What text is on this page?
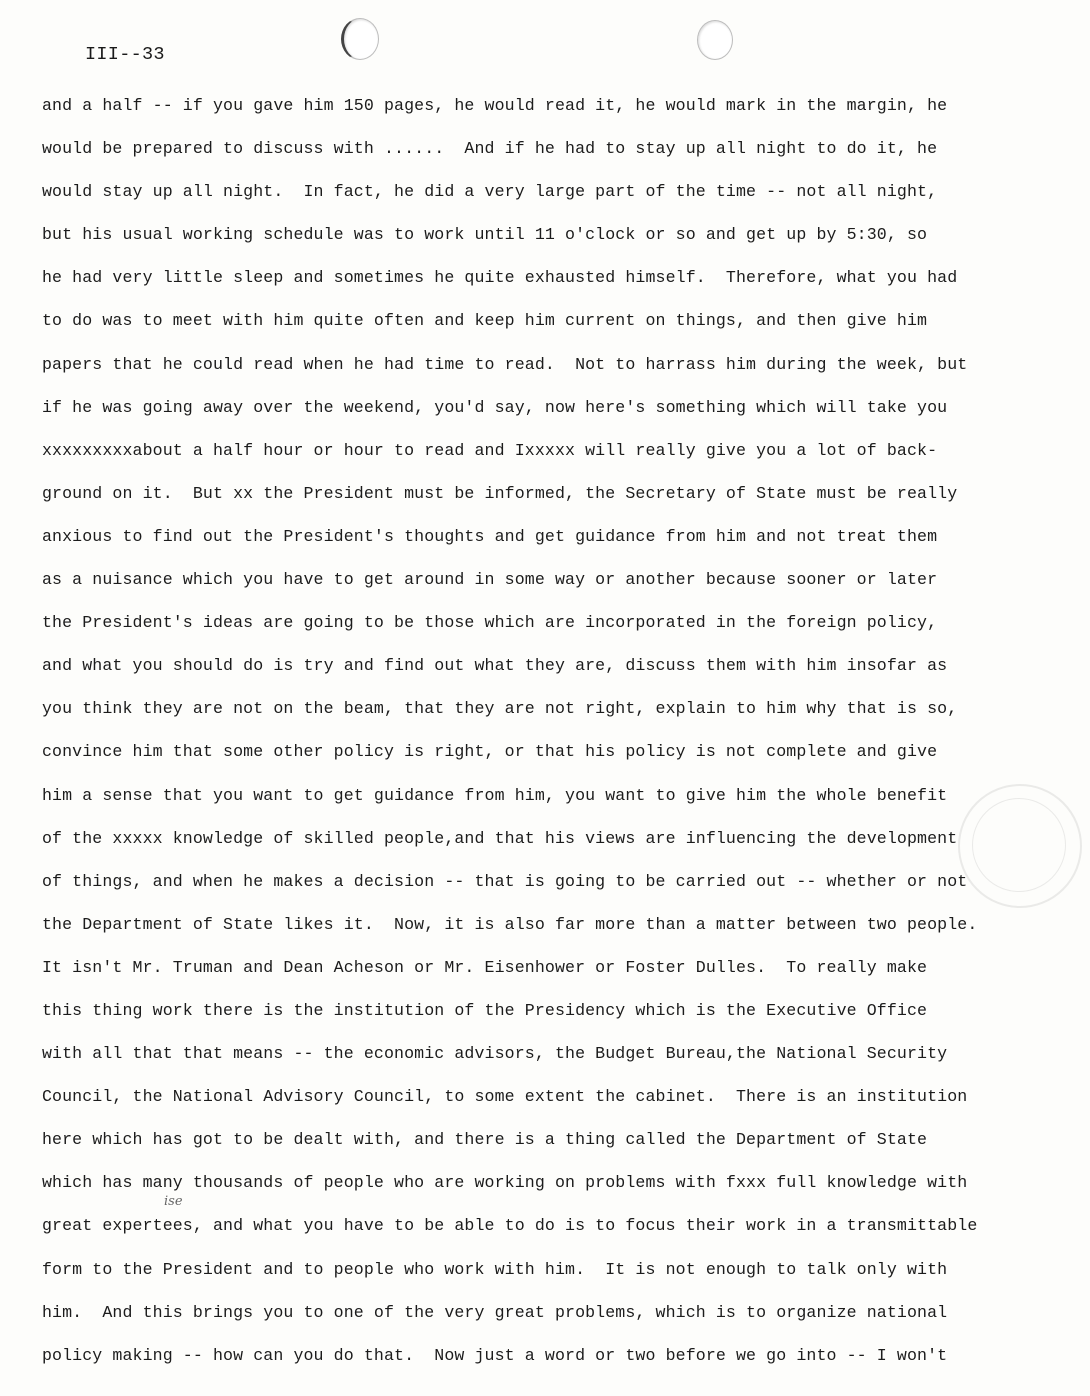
III--33
ise
and a half -- if you gave him 150 pages, he would read it, he would mark in the margin, he
would be prepared to discuss with ......  And if he had to stay up all night to do it, he
would stay up all night.  In fact, he did a very large part of the time -- not all night,
but his usual working schedule was to work until 11 o'clock or so and get up by 5:30, so
he had very little sleep and sometimes he quite exhausted himself.  Therefore, what you had
to do was to meet with him quite often and keep him current on things, and then give him
papers that he could read when he had time to read.  Not to harrass him during the week, but
if he was going away over the weekend, you'd say, now here's something which will take you
xxxxxxxxxabout a half hour or hour to read and Ixxxxx will really give you a lot of back-
ground on it.  But xx the President must be informed, the Secretary of State must be really
anxious to find out the President's thoughts and get guidance from him and not treat them
as a nuisance which you have to get around in some way or another because sooner or later
the President's ideas are going to be those which are incorporated in the foreign policy,
and what you should do is try and find out what they are, discuss them with him insofar as
you think they are not on the beam, that they are not right, explain to him why that is so,
convince him that some other policy is right, or that his policy is not complete and give
him a sense that you want to get guidance from him, you want to give him the whole benefit
of the xxxxx knowledge of skilled people,and that his views are influencing the development
of things, and when he makes a decision -- that is going to be carried out -- whether or not
the Department of State likes it.  Now, it is also far more than a matter between two people.
It isn't Mr. Truman and Dean Acheson or Mr. Eisenhower or Foster Dulles.  To really make
this thing work there is the institution of the Presidency which is the Executive Office
with all that that means -- the economic advisors, the Budget Bureau,the National Security
Council, the National Advisory Council, to some extent the cabinet.  There is an institution
here which has got to be dealt with, and there is a thing called the Department of State
which has many thousands of people who are working on problems with fxxx full knowledge with
great expertees, and what you have to be able to do is to focus their work in a transmittable
form to the President and to people who work with him.  It is not enough to talk only with
him.  And this brings you to one of the very great problems, which is to organize national
policy making -- how can you do that.  Now just a word or two before we go into -- I won't
